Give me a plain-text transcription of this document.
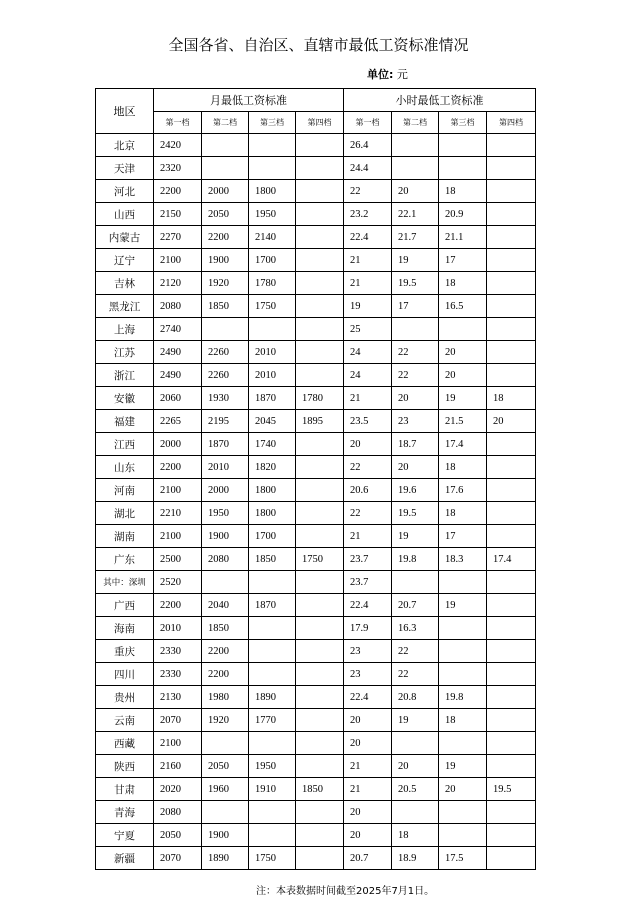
全国各省、自治区、直辖市最低工资标准情况
单位: 元
地区	月最低工资标准				小时最低工资标准			
	第一档	第二档	第三档	第四档	第一档	第二档	第三档	第四档
北京	2420				26.4			
天津	2320				24.4			
河北	2200	2000	1800		22	20	18	
山西	2150	2050	1950		23.2	22.1	20.9	
内蒙古	2270	2200	2140		22.4	21.7	21.1	
辽宁	2100	1900	1700		21	19	17	
吉林	2120	1920	1780		21	19.5	18	
黑龙江	2080	1850	1750		19	17	16.5	
上海	2740				25			
江苏	2490	2260	2010		24	22	20	
浙江	2490	2260	2010		24	22	20	
安徽	2060	1930	1870	1780	21	20	19	18
福建	2265	2195	2045	1895	23.5	23	21.5	20
江西	2000	1870	1740		20	18.7	17.4	
山东	2200	2010	1820		22	20	18	
河南	2100	2000	1800		20.6	19.6	17.6	
湖北	2210	1950	1800		22	19.5	18	
湖南	2100	1900	1700		21	19	17	
广东	2500	2080	1850	1750	23.7	19.8	18.3	17.4
其中：深圳	2520				23.7			
广西	2200	2040	1870		22.4	20.7	19	
海南	2010	1850			17.9	16.3		
重庆	2330	2200			23	22		
四川	2330	2200			23	22		
贵州	2130	1980	1890		22.4	20.8	19.8	
云南	2070	1920	1770		20	19	18	
西藏	2100				20			
陕西	2160	2050	1950		21	20	19	
甘肃	2020	1960	1910	1850	21	20.5	20	19.5
青海	2080				20			
宁夏	2050	1900			20	18		
新疆	2070	1890	1750		20.7	18.9	17.5	
注：本表数据时间截至2025年7月1日。
